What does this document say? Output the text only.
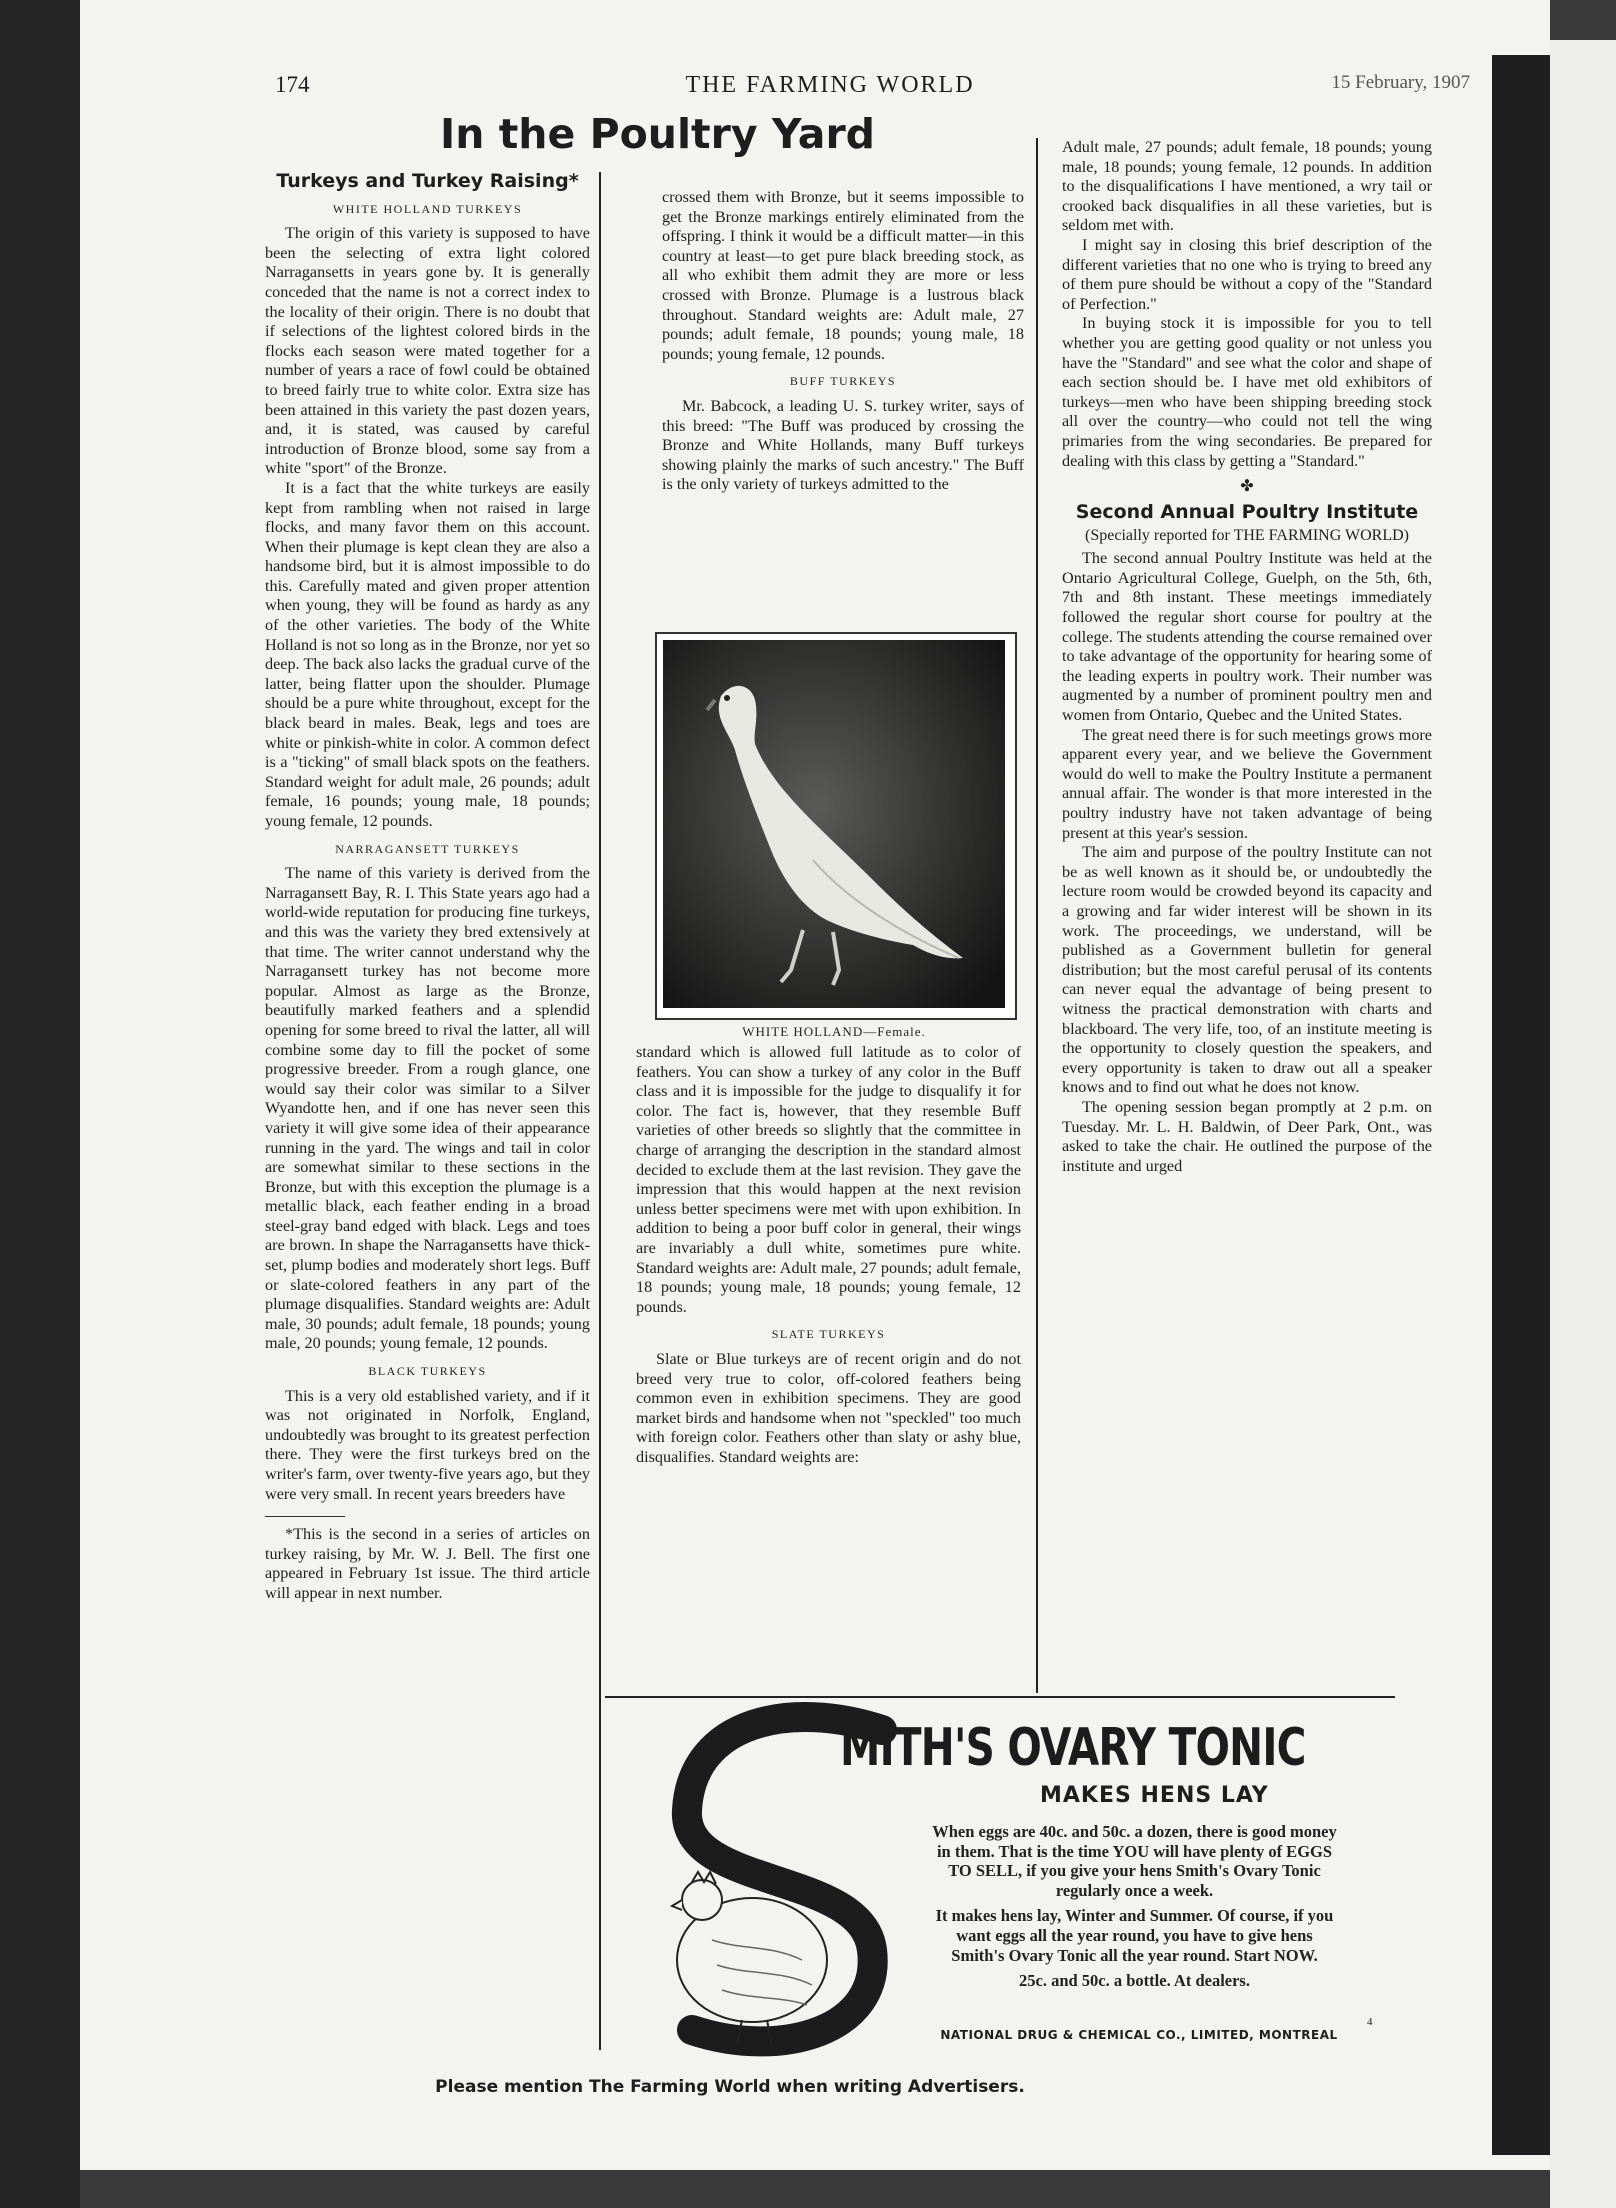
174	THE FARMING WORLD	15 February, 1907
In the Poultry Yard
Turkeys and Turkey Raising*
WHITE HOLLAND TURKEYS

The origin of this variety is supposed to have been the selecting of extra light colored Narragansetts in years gone by. It is generally conceded that the name is not a correct index to the locality of their origin. There is no doubt that if selections of the lightest colored birds in the flocks each season were mated together for a number of years a race of fowl could be obtained to breed fairly true to white color. Extra size has been attained in this variety the past dozen years, and, it is stated, was caused by careful introduction of Bronze blood, some say from a white "sport" of the Bronze.

It is a fact that the white turkeys are easily kept from rambling when not raised in large flocks, and many favor them on this account. When their plumage is kept clean they are also a handsome bird, but it is almost impossible to do this. Carefully mated and given proper attention when young, they will be found as hardy as any of the other varieties. The body of the White Holland is not so long as in the Bronze, nor yet so deep. The back also lacks the gradual curve of the latter, being flatter upon the shoulder. Plumage should be a pure white throughout, except for the black beard in males. Beak, legs and toes are white or pinkish-white in color. A common defect is a "ticking" of small black spots on the feathers. Standard weight for adult male, 26 pounds; adult female, 16 pounds; young male, 18 pounds; young female, 12 pounds.

NARRAGANSETT TURKEYS

The name of this variety is derived from the Narragansett Bay, R. I. This State years ago had a world-wide reputation for producing fine turkeys, and this was the variety they bred extensively at that time. The writer cannot understand why the Narragansett turkey has not become more popular. Almost as large as the Bronze, beautifully marked feathers and a splendid opening for some breed to rival the latter, all will combine some day to fill the pocket of some progressive breeder. From a rough glance, one would say their color was similar to a Silver Wyandotte hen, and if one has never seen this variety it will give some idea of their appearance running in the yard. The wings and tail in color are somewhat similar to these sections in the Bronze, but with this exception the plumage is a metallic black, each feather ending in a broad steel-gray band edged with black. Legs and toes are brown. In shape the Narragansetts have thick-set, plump bodies and moderately short legs. Buff or slate-colored feathers in any part of the plumage disqualifies. Standard weights are: Adult male, 30 pounds; adult female, 18 pounds; young male, 20 pounds; young female, 12 pounds.

BLACK TURKEYS

This is a very old established variety, and if it was not originated in Norfolk, England, undoubtedly was brought to its greatest perfection there. They were the first turkeys bred on the writer's farm, over twenty-five years ago, but they were very small. In recent years breeders have

*This is the second in a series of articles on turkey raising, by Mr. W. J. Bell. The first one appeared in February 1st issue. The third article will appear in next number.

crossed them with Bronze, but it seems impossible to get the Bronze markings entirely eliminated from the offspring. I think it would be a difficult matter—in this country at least—to get pure black breeding stock, as all who exhibit them admit they are more or less crossed with Bronze. Plumage is a lustrous black throughout. Standard weights are: Adult male, 27 pounds; adult female, 18 pounds; young male, 18 pounds; young female, 12 pounds.

BUFF TURKEYS

Mr. Babcock, a leading U. S. turkey writer, says of this breed: "The Buff was produced by crossing the Bronze and White Hollands, many Buff turkeys showing plainly the marks of such ancestry." The Buff is the only variety of turkeys admitted to the

WHITE HOLLAND—Female.

standard which is allowed full latitude as to color of feathers. You can show a turkey of any color in the Buff class and it is impossible for the judge to disqualify it for color. The fact is, however, that they resemble Buff varieties of other breeds so slightly that the committee in charge of arranging the description in the standard almost decided to exclude them at the last revision. They gave the impression that this would happen at the next revision unless better specimens were met with upon exhibition. In addition to being a poor buff color in general, their wings are invariably a dull white, sometimes pure white. Standard weights are: Adult male, 27 pounds; adult female, 18 pounds; young male, 18 pounds; young female, 12 pounds.

SLATE TURKEYS

Slate or Blue turkeys are of recent origin and do not breed very true to color, off-colored feathers being common even in exhibition specimens. They are good market birds and handsome when not "speckled" too much with foreign color. Feathers other than slaty or ashy blue, disqualifies. Standard weights are:

Adult male, 27 pounds; adult female, 18 pounds; young male, 18 pounds; young female, 12 pounds. In addition to the disqualifications I have mentioned, a wry tail or crooked back disqualifies in all these varieties, but is seldom met with.

I might say in closing this brief description of the different varieties that no one who is trying to breed any of them pure should be without a copy of the "Standard of Perfection."

In buying stock it is impossible for you to tell whether you are getting good quality or not unless you have the "Standard" and see what the color and shape of each section should be. I have met old exhibitors of turkeys—men who have been shipping breeding stock all over the country—who could not tell the wing primaries from the wing secondaries. Be prepared for dealing with this class by getting a "Standard."

✤
Second Annual Poultry Institute
(Specially reported for THE FARMING WORLD)

The second annual Poultry Institute was held at the Ontario Agricultural College, Guelph, on the 5th, 6th, 7th and 8th instant. These meetings immediately followed the regular short course for poultry at the college. The students attending the course remained over to take advantage of the opportunity for hearing some of the leading experts in poultry work. Their number was augmented by a number of prominent poultry men and women from Ontario, Quebec and the United States.

The great need there is for such meetings grows more apparent every year, and we believe the Government would do well to make the Poultry Institute a permanent annual affair. The wonder is that more interested in the poultry industry have not taken advantage of being present at this year's session.

The aim and purpose of the poultry Institute can not be as well known as it should be, or undoubtedly the lecture room would be crowded beyond its capacity and a growing and far wider interest will be shown in its work. The proceedings, we understand, will be published as a Government bulletin for general distribution; but the most careful perusal of its contents can never equal the advantage of being present to witness the practical demonstration with charts and blackboard. The very life, too, of an institute meeting is the opportunity to closely question the speakers, and every opportunity is taken to draw out all a speaker knows and to find out what he does not know.

The opening session began promptly at 2 p.m. on Tuesday. Mr. L. H. Baldwin, of Deer Park, Ont., was asked to take the chair. He outlined the purpose of the institute and urged

MITH'S OVARY TONIC
MAKES HENS LAY

When eggs are 40c. and 50c. a dozen, there is good money in them. That is the time YOU will have plenty of EGGS TO SELL, if you give your hens Smith's Ovary Tonic regularly once a week.

It makes hens lay, Winter and Summer. Of course, if you want eggs all the year round, you have to give hens Smith's Ovary Tonic all the year round. Start NOW.

25c. and 50c. a bottle. At dealers.

NATIONAL DRUG & CHEMICAL CO., LIMITED, MONTREAL
4
Please mention The Farming World when writing Advertisers.
